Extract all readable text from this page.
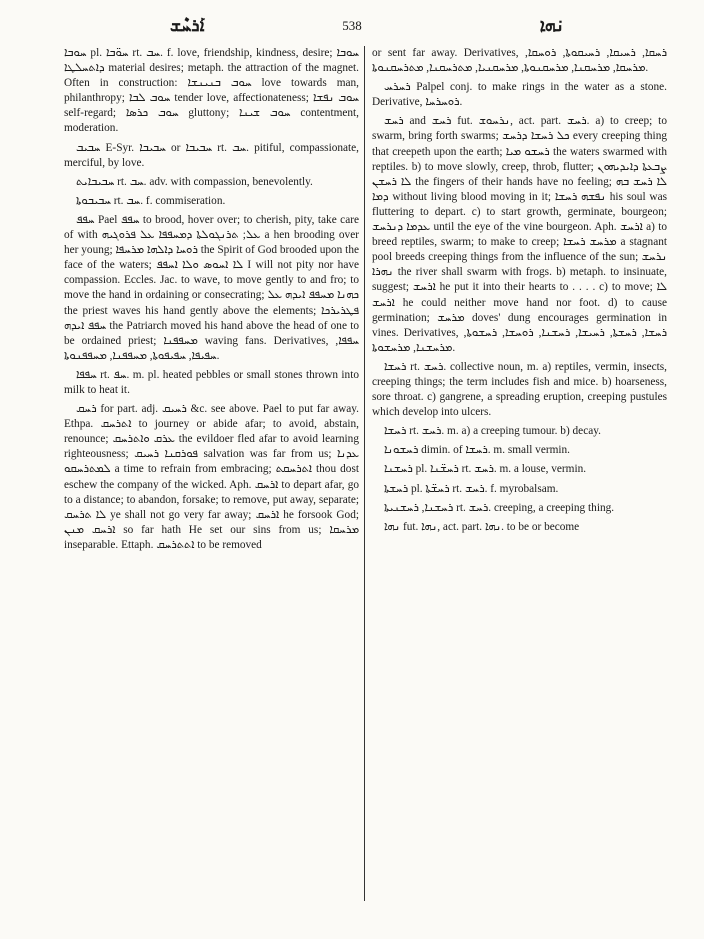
ܐܰܪܚܶܫ	538	ܢ݁ܗܐ

ܚܘܒܐ pl. ܚܘ̈ܒܐ rt. ܚܒ. f. love, friendship, kindness, desire; ܚܘܒܐ ܕܐܬܚܠܛܐ material desires; metaph. the attraction of the magnet. Often in construction: ܚܘܒ ܒܢܝܢܫܐ love towards man, philanthropy; ܚܘܒ ܠܒܐ tender love, affectionateness; ܚܘܒ ܢܦܫܐ self-regard; ܚܘܒ ܟܪܣܐ gluttony; ܚܘܒ ܫܝܢܐ contentment, moderation.

ܚܒܝܒ E-Syr. ܚܒܝܒܐ or ܚܒܝܒܐ rt. ܚܒ. pitiful, compassionate, merciful, by love.

ܚܒܝܒܐܝܬ rt. ܚܒ. adv. with compassion, benevolently.

ܚܒܝܒܘܬܐ rt. ܚܒ. f. commiseration.

ܚܦܦ Pael ܚܦܦ to brood, hover over; to cherish, pity, take care of with ܥܠ; ܬܪܢܓܘܠܬܐ ܕܡܚܦܦܐ ܥܠ ܦܪܘܓܝܗ a hen brooding over her young; ܪܘܚܐ ܕܐܠܗܐ ܡܪܚܦܐ the Spirit of God brooded upon the face of the waters; ܠܐ ܐܚܘܣ ܘܠܐ ܐܚܦܦ I will not pity nor have compassion. Eccles. Jac. to wave, to move gently to and fro; to move the hand in ordaining or consecrating; ܟܗܢܐ ܡܚܦܦ ܐܝܕܗ ܥܠ the priest waves his hand gently above the elements; ܦܛܪܝܪܟܐ ܚܦܦ ܐܝܕܗ the Patriarch moved his hand above the head of one to be ordained priest; ܡܚܦܦܢܐ waving fans. Derivatives, ܚܦܦܐ, ܚܦܝܦܐ, ܚܦܝܦܘܬܐ, ܡܚܦܦܢܐ, ܡܚܦܦܢܘܬܐ.

ܚܦܦܐ rt. ܚܦ. m. pl. heated pebbles or small stones thrown into milk to heat it.

ܪܚܩ for part. adj. ܪܚܝܩ &c. see above. Pael to put far away. Ethpa. ܐܬܪܚܩ to journey or abide afar; to avoid, abstain, renounce; ܥܪܩ ܘܐܬܪܚܩ the evildoer fled afar to avoid learning righteousness; ܦܘܪܩܢܐ ܪܚܝܩ salvation was far from us; ܥܕܢܐ ܠܡܬܪܚܩܘ a time to refrain from embracing; ܐܬܪܚܩܬ thou dost eschew the company of the wicked. Aph. ܐܪܚܩ to depart afar, go to a distance; to abandon, forsake; to remove, put away, separate; ܠܐ ܬܪܚܩ ye shall not go very far away; ܐܪܚܩ he forsook God; ܐܪܚܩ ܡܢܢ so far hath He set our sins from us; ܡܪܚܩܐ inseparable. Ettaph. ܐܬܬܪܚܩ to be removed

or sent far away. Derivatives, ܪܚܩܐ, ܪܚܝܩܐ, ܪܚܝܩܘܬܐ, ܪܘܚܩܐ, ܡܪܚܩܐ, ܡܪܚܩܢܐ, ܡܪܚܩܢܘܬܐ, ܡܪܚܩܢܝܐ, ܡܬܪܚܩܢܐ, ܡܬܪܚܩܢܘܬܐ.

ܪܚܪܚ Palpel conj. to make rings in the water as a stone. Derivative, ܪܘܚܪܚܐ.

ܪܚܫ and ܪܚܫ fut. ܢܪܚܘܫ, act. part. ܪܚܫ. a) to creep; to swarm, bring forth swarms; ܟܠ ܪܚܫܐ ܕܪܚܫ every creeping thing that creepeth upon the earth; ܪܚܫܘ ܡܝܐ the waters swarmed with reptiles. b) to move slowly, creep, throb, flutter; ܨܒܥܬܐ ܕܐܝܕܝܗܘܢ ܠܐ ܪܚܫܢ the fingers of their hands have no feeling; ܠܐ ܪܚܫ ܒܗ ܕܡܐ without living blood moving in it; ܢܦܫܗ ܪܚܫܐ his soul was fluttering to depart. c) to start growth, germinate, bourgeon; ܥܕܡܐ ܕܢܪܚܫ until the eye of the vine bourgeon. Aph. ܐܪܚܫ a) to breed reptiles, swarm; to make to creep; ܡܪܚܫ ܪܚܫܐ a stagnant pool breeds creeping things from the influence of the sun; ܢܪܚܫ ܢܗܪܐ the river shall swarm with frogs. b) metaph. to insinuate, suggest; ܐܪܚܫ he put it into their hearts to . . . . c) to move; ܠܐ ܐܪܚܫ he could neither move hand nor foot. d) to cause germination; ܡܪܚܫ doves' dung encourages germination in vines. Derivatives, ܪܚܫܐ, ܪܚܫܬܐ, ܪܚܝܫܐ, ܪܚܫܢܐ, ܪܘܚܫܐ, ܪܚܫܘܬܐ, ܡܪܚܫܢܐ, ܡܪܚܫܘܬܐ.

ܪܚܫܐ rt. ܪܚܫ. collective noun, m. a) reptiles, vermin, insects, creeping things; the term includes fish and mice. b) hoarseness, sore throat. c) gangrene, a spreading eruption, creeping pustules which develop into ulcers.

ܪܚܫܐ rt. ܪܚܫ. m. a) a creeping tumour. b) decay.

ܪܚܫܘܢܐ dimin. of ܪܚܫܐ. m. small vermin.

ܪܚܫܢܐ pl. ܪܚܫ̈ܢܐ rt. ܪܚܫ. m. a louse, vermin.

ܪܚܫܬܐ pl. ܪܚܫ̈ܬܐ rt. ܪܚܫ. f. myrobalsam.

ܪܚܫܢܐ, ܪܚܫܢܝܬܐ rt. ܪܚܫ. creeping, a creeping thing.

ܢܗܐ fut. ܢܗܐ, act. part. ܢܗܐ. to be or become
